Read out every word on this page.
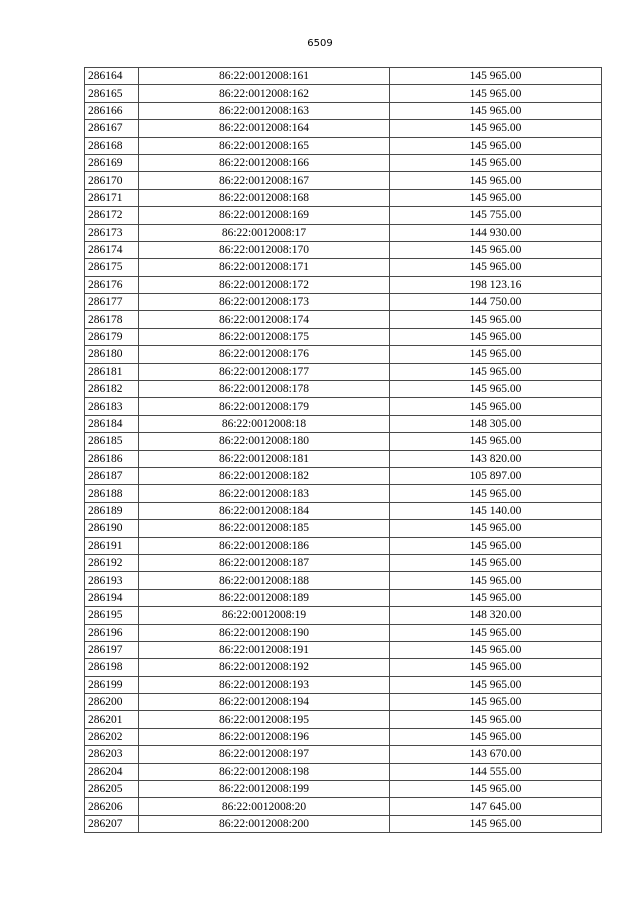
6509
286164	86:22:0012008:161	145 965.00
286165	86:22:0012008:162	145 965.00
286166	86:22:0012008:163	145 965.00
286167	86:22:0012008:164	145 965.00
286168	86:22:0012008:165	145 965.00
286169	86:22:0012008:166	145 965.00
286170	86:22:0012008:167	145 965.00
286171	86:22:0012008:168	145 965.00
286172	86:22:0012008:169	145 755.00
286173	86:22:0012008:17	144 930.00
286174	86:22:0012008:170	145 965.00
286175	86:22:0012008:171	145 965.00
286176	86:22:0012008:172	198 123.16
286177	86:22:0012008:173	144 750.00
286178	86:22:0012008:174	145 965.00
286179	86:22:0012008:175	145 965.00
286180	86:22:0012008:176	145 965.00
286181	86:22:0012008:177	145 965.00
286182	86:22:0012008:178	145 965.00
286183	86:22:0012008:179	145 965.00
286184	86:22:0012008:18	148 305.00
286185	86:22:0012008:180	145 965.00
286186	86:22:0012008:181	143 820.00
286187	86:22:0012008:182	105 897.00
286188	86:22:0012008:183	145 965.00
286189	86:22:0012008:184	145 140.00
286190	86:22:0012008:185	145 965.00
286191	86:22:0012008:186	145 965.00
286192	86:22:0012008:187	145 965.00
286193	86:22:0012008:188	145 965.00
286194	86:22:0012008:189	145 965.00
286195	86:22:0012008:19	148 320.00
286196	86:22:0012008:190	145 965.00
286197	86:22:0012008:191	145 965.00
286198	86:22:0012008:192	145 965.00
286199	86:22:0012008:193	145 965.00
286200	86:22:0012008:194	145 965.00
286201	86:22:0012008:195	145 965.00
286202	86:22:0012008:196	145 965.00
286203	86:22:0012008:197	143 670.00
286204	86:22:0012008:198	144 555.00
286205	86:22:0012008:199	145 965.00
286206	86:22:0012008:20	147 645.00
286207	86:22:0012008:200	145 965.00
